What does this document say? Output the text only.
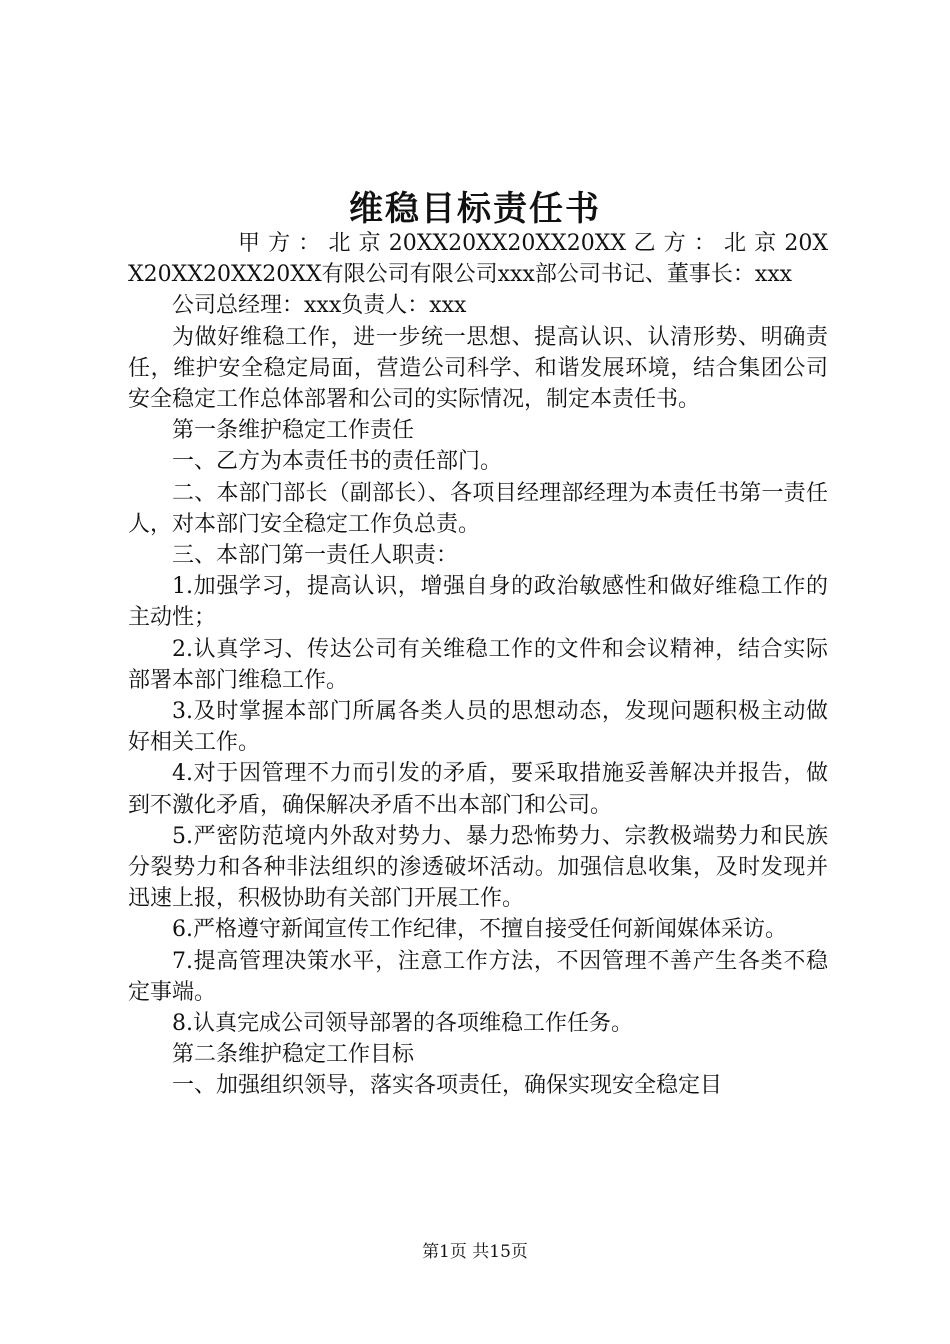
维稳目标责任书

甲 方 ： 北 京 20XX20XX20XX20XX 乙 方 ： 北 京 20XX20XX20XX20XX有限公司有限公司xxx部公司书记、董事长：xxx

公司总经理：xxx负责人：xxx

为做好维稳工作，进一步统一思想、提高认识、认清形势、明确责任，维护安全稳定局面，营造公司科学、和谐发展环境，结合集团公司安全稳定工作总体部署和公司的实际情况，制定本责任书。

第一条维护稳定工作责任

一、乙方为本责任书的责任部门。

二、本部门部长（副部长）、各项目经理部经理为本责任书第一责任人，对本部门安全稳定工作负总责。

三、本部门第一责任人职责：

1.加强学习，提高认识，增强自身的政治敏感性和做好维稳工作的主动性；

2.认真学习、传达公司有关维稳工作的文件和会议精神，结合实际部署本部门维稳工作。

3.及时掌握本部门所属各类人员的思想动态，发现问题积极主动做好相关工作。

4.对于因管理不力而引发的矛盾，要采取措施妥善解决并报告，做到不激化矛盾，确保解决矛盾不出本部门和公司。

5.严密防范境内外敌对势力、暴力恐怖势力、宗教极端势力和民族分裂势力和各种非法组织的渗透破坏活动。加强信息收集，及时发现并迅速上报，积极协助有关部门开展工作。

6.严格遵守新闻宣传工作纪律，不擅自接受任何新闻媒体采访。

7.提高管理决策水平，注意工作方法，不因管理不善产生各类不稳定事端。

8.认真完成公司领导部署的各项维稳工作任务。

第二条维护稳定工作目标

一、加强组织领导，落实各项责任，确保实现安全稳定目

第1页 共15页
